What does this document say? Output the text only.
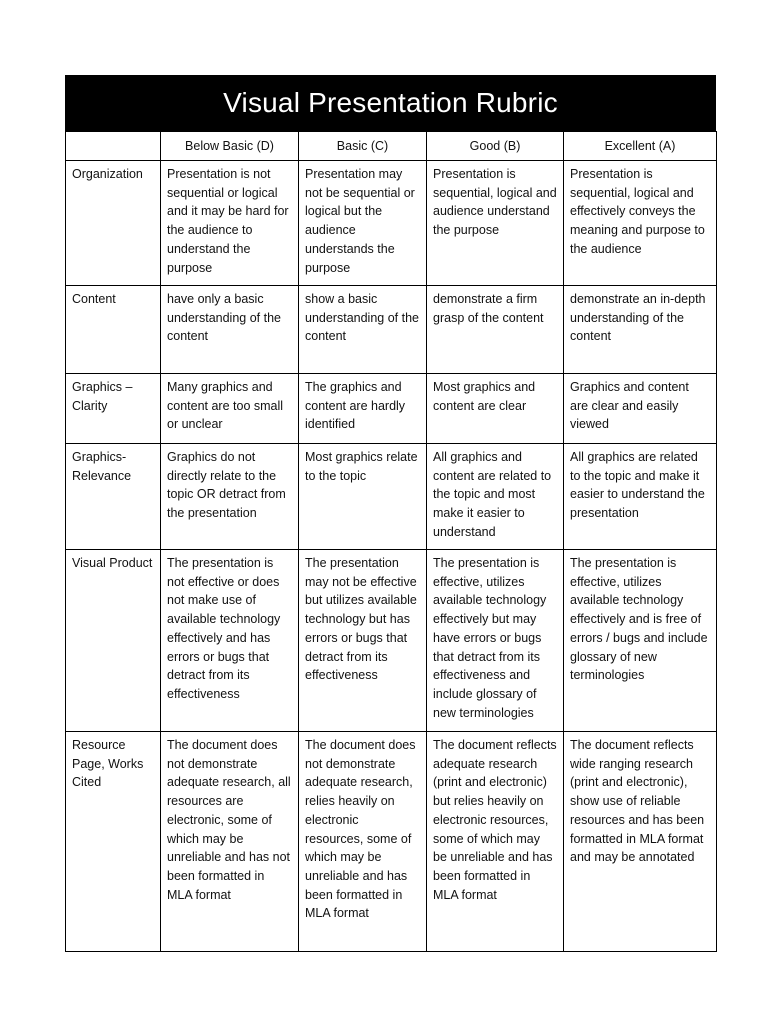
Visual Presentation Rubric
	Below Basic (D)	Basic (C)	Good (B)	Excellent (A)
Organization	Presentation is not sequential or logical and it may be hard for the audience to understand the purpose	Presentation may not be sequential or logical but the audience understands the purpose	Presentation is sequential, logical and audience understand the purpose	Presentation is sequential, logical and effectively conveys the meaning and purpose to the audience
Content	have only a basic understanding of the content	show a basic understanding of the content	demonstrate a firm grasp of the content	demonstrate an in-depth understanding of the content
Graphics – Clarity	Many graphics and content are too small or unclear	The graphics and content are hardly identified	Most graphics and content are clear	Graphics and content are clear and easily viewed
Graphics-Relevance	Graphics do not directly relate to the topic OR detract from the presentation	Most graphics relate to the topic	All graphics and content are related to the topic and most make it easier to understand	All graphics are related to the topic and make it easier to understand the presentation
Visual Product	The presentation is not effective or does not make use of available technology effectively and has errors or bugs that detract from its effectiveness	The presentation may not be effective but utilizes available technology but has errors or bugs that detract from its effectiveness	The presentation is effective, utilizes available technology effectively but may have errors or bugs that detract from its effectiveness and include glossary of new terminologies	The presentation is effective, utilizes available technology effectively and is free of errors / bugs and include glossary of new terminologies
Resource Page, Works Cited	The document does not demonstrate adequate research, all resources are electronic, some of which may be unreliable and has not been formatted in MLA format	The document does not demonstrate adequate research, relies heavily on electronic resources, some of which may be unreliable and has been formatted in MLA format	The document reflects adequate research (print and electronic) but relies heavily on electronic resources, some of which may be unreliable and has been formatted in MLA format	The document reflects wide ranging research (print and electronic), show use of reliable resources and has been formatted in MLA format and may be annotated
